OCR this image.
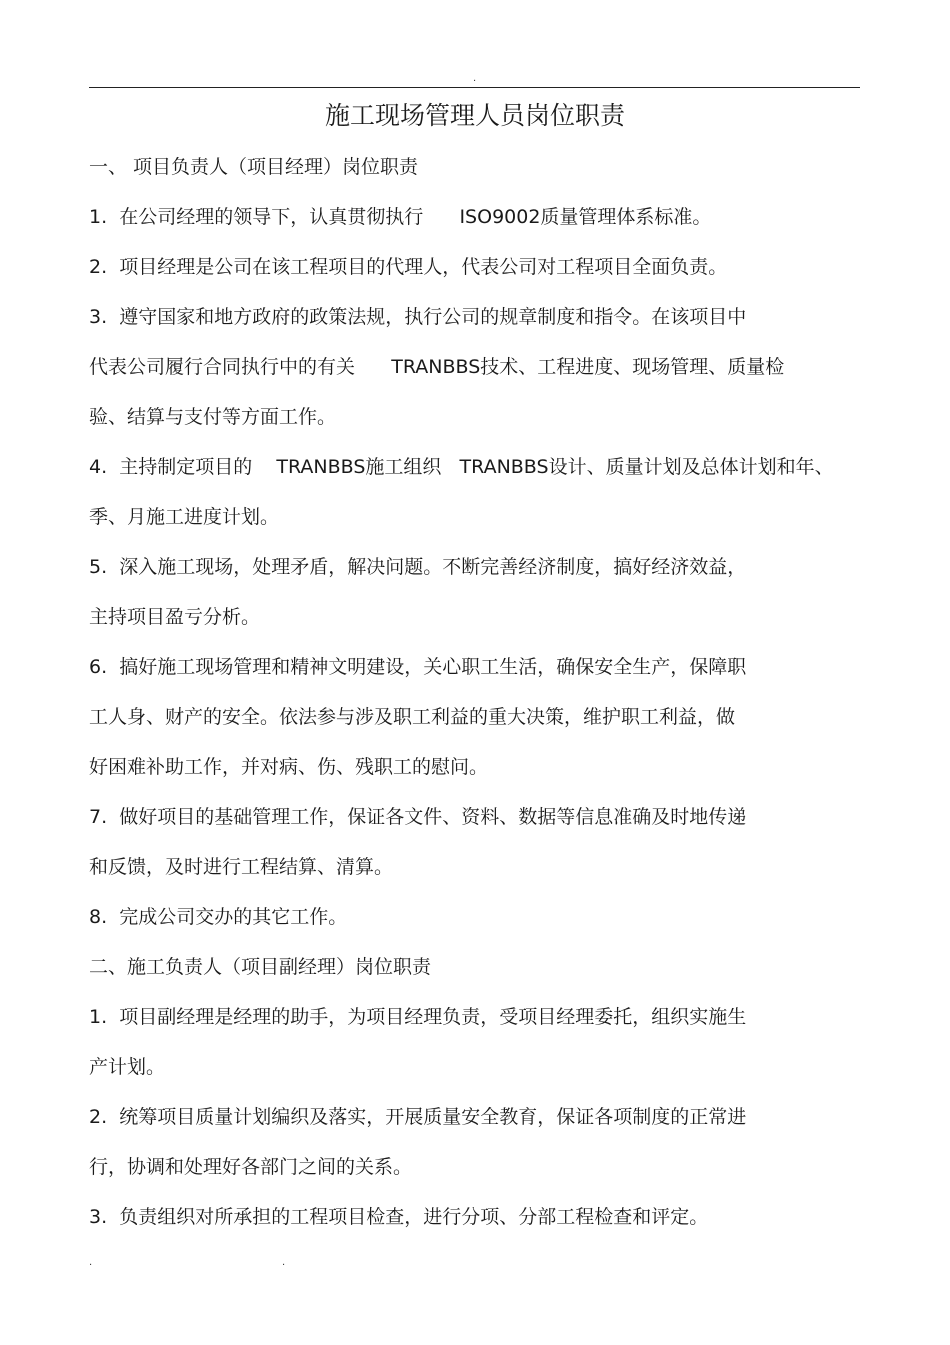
.
施工现场管理人员岗位职责
一、 项目负责人（项目经理）岗位职责
1.  在公司经理的领导下，认真贯彻执行      ISO9002质量管理体系标准。
2.  项目经理是公司在该工程项目的代理人，代表公司对工程项目全面负责。
3.  遵守国家和地方政府的政策法规，执行公司的规章制度和指令。在该项目中
代表公司履行合同执行中的有关      TRANBBS技术、工程进度、现场管理、质量检
验、结算与支付等方面工作。
4.  主持制定项目的    TRANBBS施工组织   TRANBBS设计、质量计划及总体计划和年、
季、月施工进度计划。
5.  深入施工现场，处理矛盾，解决问题。不断完善经济制度，搞好经济效益，
主持项目盈亏分析。
6.  搞好施工现场管理和精神文明建设，关心职工生活，确保安全生产，保障职
工人身、财产的安全。依法参与涉及职工利益的重大决策，维护职工利益，做
好困难补助工作，并对病、伤、残职工的慰问。
7.  做好项目的基础管理工作，保证各文件、资料、数据等信息准确及时地传递
和反馈，及时进行工程结算、清算。
8.  完成公司交办的其它工作。
二、施工负责人（项目副经理）岗位职责
1.  项目副经理是经理的助手，为项目经理负责，受项目经理委托，组织实施生
产计划。
2.  统筹项目质量计划编织及落实，开展质量安全教育，保证各项制度的正常进
行，协调和处理好各部门之间的关系。
3.  负责组织对所承担的工程项目检查，进行分项、分部工程检查和评定。
.	.
